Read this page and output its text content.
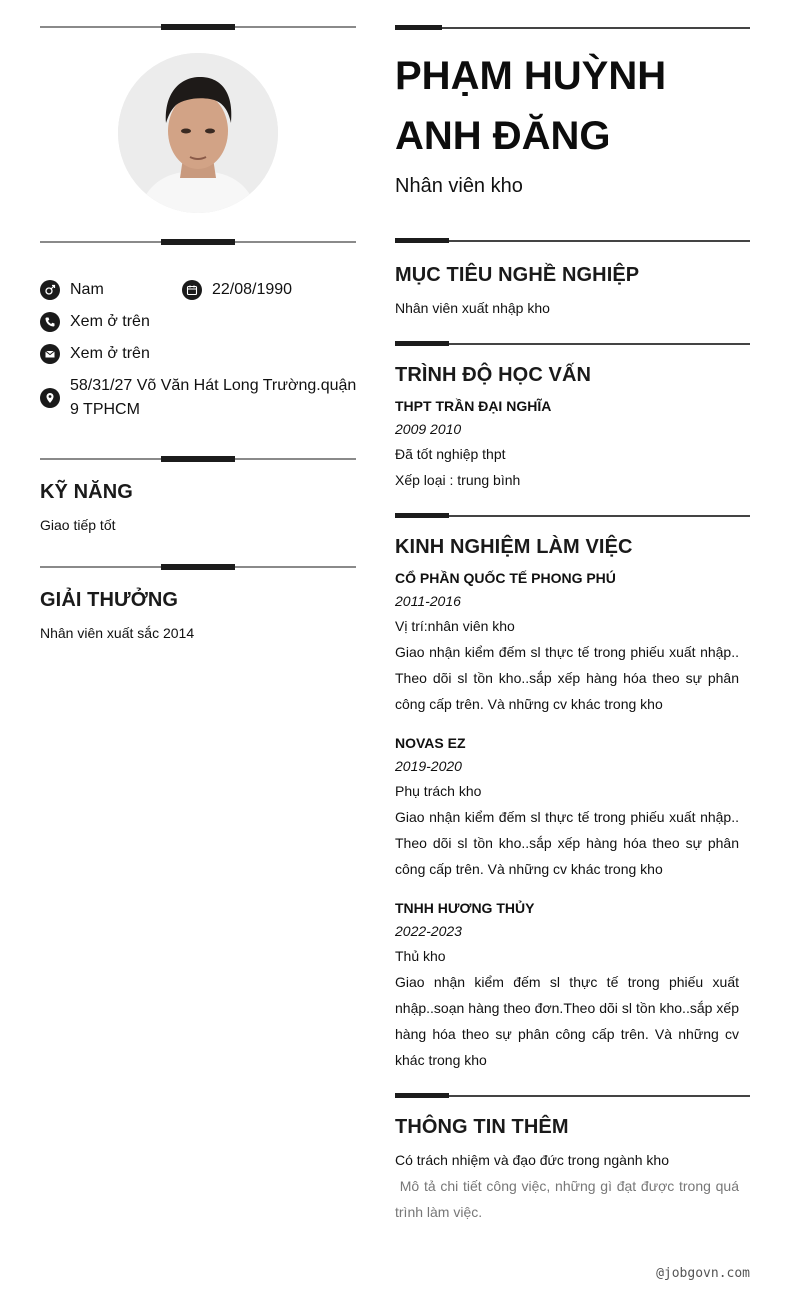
Nam	22/08/1990
Xem ở trên
Xem ở trên
58/31/27 Võ Văn Hát Long Trường.quận
9 TPHCM
KỸ NĂNG
Giao tiếp tốt
GIẢI THƯỞNG
Nhân viên xuất sắc 2014
PHẠM HUỲNH
ANH ĐĂNG
Nhân viên kho
MỤC TIÊU NGHỀ NGHIỆP
Nhân viên xuất nhập kho
TRÌNH ĐỘ HỌC VẤN
THPT TRẦN ĐẠI NGHĨA
2009 2010
Đã tốt nghiệp thpt
Xếp loại : trung bình
KINH NGHIỆM LÀM VIỆC
CỔ PHẦN QUỐC TẾ PHONG PHÚ
2011-2016
Vị trí:nhân viên kho
Giao nhận kiểm đếm sl thực tế trong phiếu xuất nhập.. Theo dõi sl tồn kho..sắp xếp hàng hóa theo sự phân công cấp trên. Và những cv khác trong kho
NOVAS EZ
2019-2020
Phụ trách kho
Giao nhận kiểm đếm sl thực tế trong phiếu xuất nhập.. Theo dõi sl tồn kho..sắp xếp hàng hóa theo sự phân công cấp trên. Và những cv khác trong kho
TNHH HƯƠNG THỦY
2022-2023
Thủ kho
Giao nhận kiểm đếm sl thực tế trong phiếu xuất nhập..soạn hàng theo đơn.Theo dõi sl tồn kho..sắp xếp hàng hóa theo sự phân công cấp trên. Và những cv khác trong kho
THÔNG TIN THÊM
Có trách nhiệm và đạo đức trong ngành kho
Mô tả chi tiết công việc, những gì đạt được trong quá trình làm việc.
@jobgovn.com
